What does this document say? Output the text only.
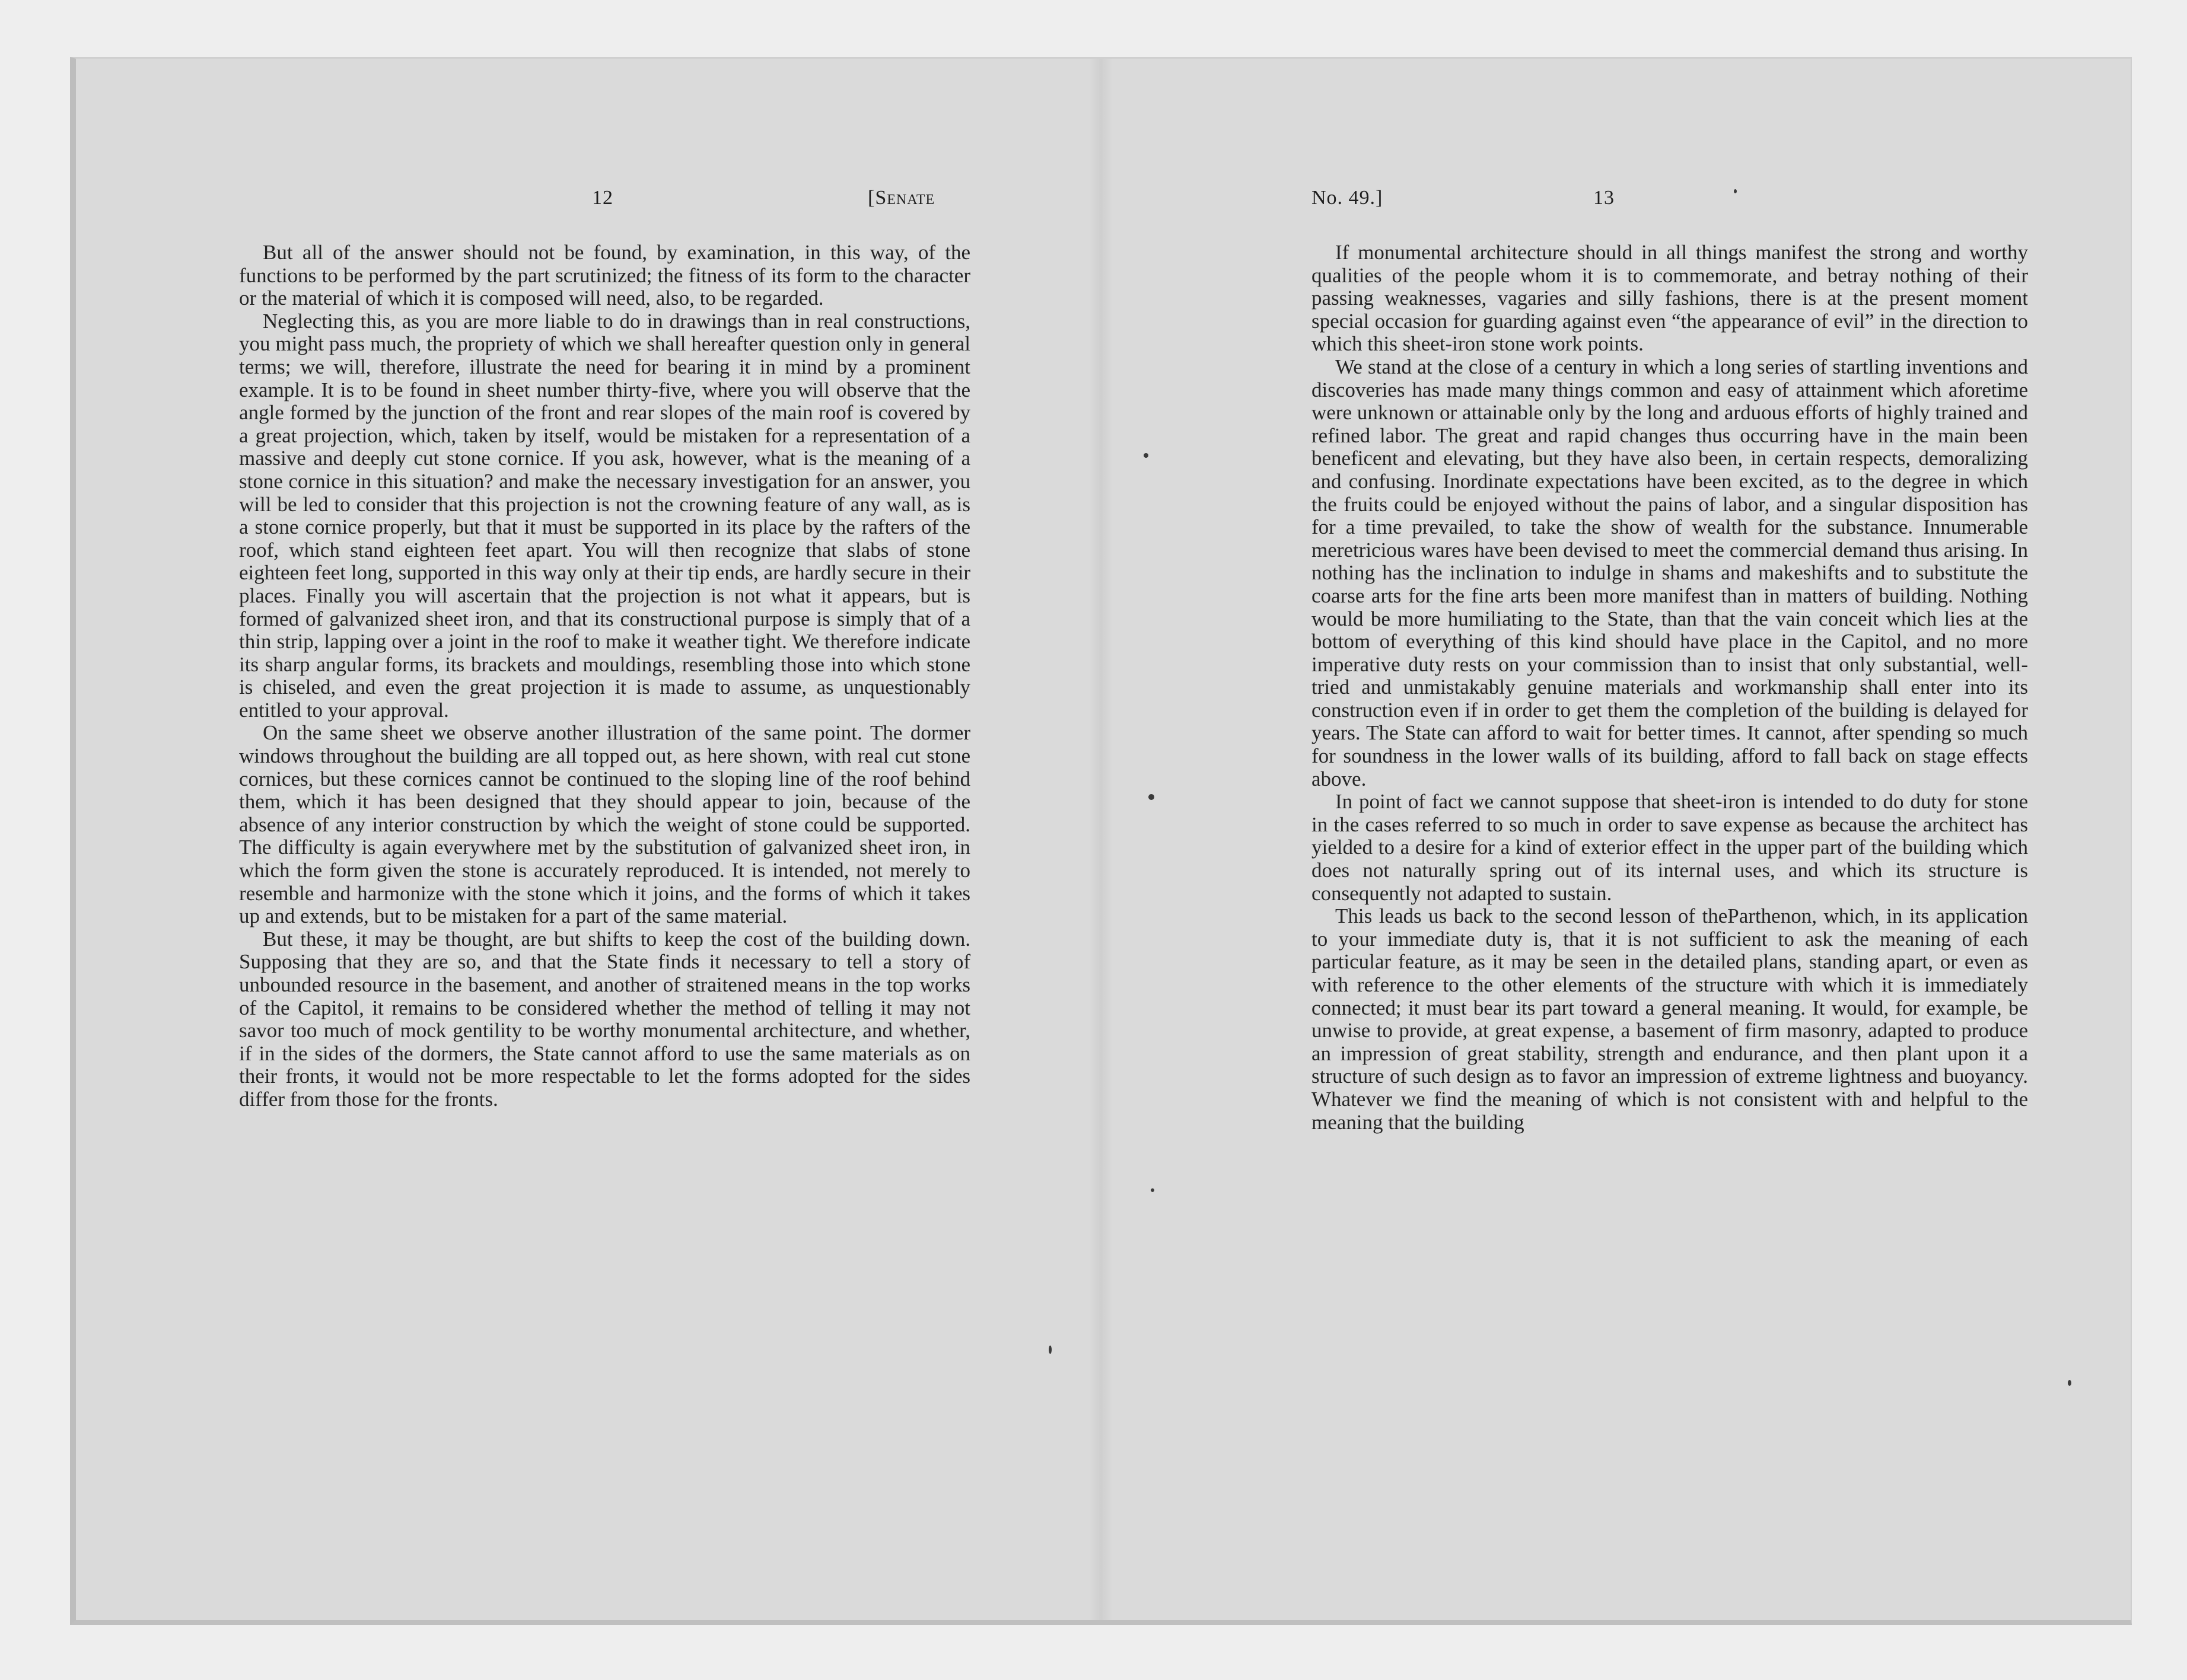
12	[Senate

But all of the answer should not be found, by examination, in this way, of the functions to be performed by the part scrutinized; the fitness of its form to the character or the material of which it is composed will need, also, to be regarded.

Neglecting this, as you are more liable to do in drawings than in real constructions, you might pass much, the propriety of which we shall hereafter question only in general terms; we will, therefore, illustrate the need for bearing it in mind by a prominent example. It is to be found in sheet number thirty-five, where you will observe that the angle formed by the junction of the front and rear slopes of the main roof is covered by a great projection, which, taken by itself, would be mistaken for a representation of a massive and deeply cut stone cornice. If you ask, however, what is the meaning of a stone cornice in this situation? and make the necessary investigation for an answer, you will be led to consider that this projection is not the crowning feature of any wall, as is a stone cornice properly, but that it must be supported in its place by the rafters of the roof, which stand eighteen feet apart. You will then recognize that slabs of stone eighteen feet long, supported in this way only at their tip ends, are hardly secure in their places. Finally you will ascertain that the projection is not what it appears, but is formed of galvanized sheet iron, and that its constructional purpose is simply that of a thin strip, lapping over a joint in the roof to make it weather tight. We therefore indicate its sharp angular forms, its brackets and mouldings, resembling those into which stone is chiseled, and even the great projection it is made to assume, as unquestionably entitled to your approval.

On the same sheet we observe another illustration of the same point. The dormer windows throughout the building are all topped out, as here shown, with real cut stone cornices, but these cornices cannot be continued to the sloping line of the roof behind them, which it has been designed that they should appear to join, because of the absence of any interior construction by which the weight of stone could be supported. The difficulty is again everywhere met by the substitution of galvanized sheet iron, in which the form given the stone is accurately reproduced. It is intended, not merely to resemble and harmonize with the stone which it joins, and the forms of which it takes up and extends, but to be mistaken for a part of the same material.

But these, it may be thought, are but shifts to keep the cost of the building down. Supposing that they are so, and that the State finds it necessary to tell a story of unbounded resource in the basement, and another of straitened means in the top works of the Capitol, it remains to be considered whether the method of telling it may not savor too much of mock gentility to be worthy monumental architecture, and whether, if in the sides of the dormers, the State cannot afford to use the same materials as on their fronts, it would not be more respectable to let the forms adopted for the sides differ from those for the fronts.

No. 49.]	13

If monumental architecture should in all things manifest the strong and worthy qualities of the people whom it is to commemorate, and betray nothing of their passing weaknesses, vagaries and silly fashions, there is at the present moment special occasion for guarding against even “the appearance of evil” in the direction to which this sheet-iron stone work points.

We stand at the close of a century in which a long series of startling inventions and discoveries has made many things common and easy of attainment which aforetime were unknown or attainable only by the long and arduous efforts of highly trained and refined labor. The great and rapid changes thus occurring have in the main been beneficent and elevating, but they have also been, in certain respects, demoralizing and confusing. Inordinate expectations have been excited, as to the degree in which the fruits could be enjoyed without the pains of labor, and a singular disposition has for a time prevailed, to take the show of wealth for the substance. Innumerable meretricious wares have been devised to meet the commercial demand thus arising. In nothing has the inclination to indulge in shams and makeshifts and to substitute the coarse arts for the fine arts been more manifest than in matters of building. Nothing would be more humiliating to the State, than that the vain conceit which lies at the bottom of everything of this kind should have place in the Capitol, and no more imperative duty rests on your commission than to insist that only substantial, well-tried and unmistakably genuine materials and workmanship shall enter into its construction even if in order to get them the completion of the building is delayed for years. The State can afford to wait for better times. It cannot, after spending so much for soundness in the lower walls of its building, afford to fall back on stage effects above.

In point of fact we cannot suppose that sheet-iron is intended to do duty for stone in the cases referred to so much in order to save expense as because the architect has yielded to a desire for a kind of exterior effect in the upper part of the building which does not naturally spring out of its internal uses, and which its structure is consequently not adapted to sustain.

This leads us back to the second lesson of theParthenon, which, in its application to your immediate duty is, that it is not sufficient to ask the meaning of each particular feature, as it may be seen in the detailed plans, standing apart, or even as with reference to the other elements of the structure with which it is immediately connected; it must bear its part toward a general meaning. It would, for example, be unwise to provide, at great expense, a basement of firm masonry, adapted to produce an impression of great stability, strength and endurance, and then plant upon it a structure of such design as to favor an impression of extreme lightness and buoyancy. Whatever we find the meaning of which is not consistent with and helpful to the meaning that the building
